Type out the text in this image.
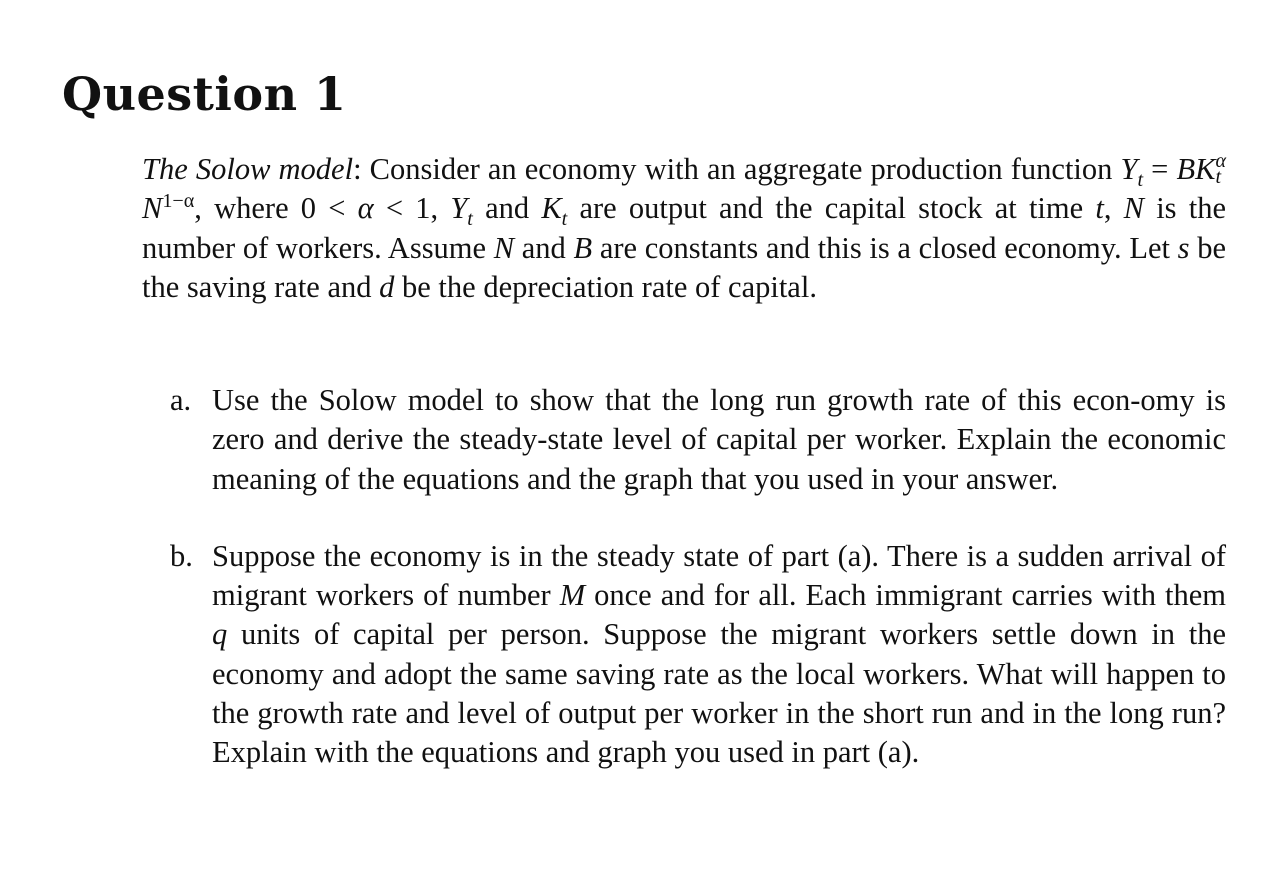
Question 1

The Solow model: Consider an economy with an aggregate production function $Y_t$ = BK α
t
$N^{1-\alpha}$, where 0 < α < 1, $Y_t$ and $K_t$ are output and the capital stock at time t, N is the number of workers. Assume N and B are constants and this is a closed economy. Let s be the saving rate and d be the depreciation rate of capital.

a. Use the Solow model to show that the long run growth rate of this econ-omy is zero and derive the steady-state level of capital per worker. Explain the economic meaning of the equations and the graph that you used in your answer.
b. Suppose the economy is in the steady state of part (a). There is a sudden arrival of migrant workers of number M once and for all. Each immigrant carries with them q units of capital per person. Suppose the migrant workers settle down in the economy and adopt the same saving rate as the local workers. What will happen to the growth rate and level of output per worker in the short run and in the long run? Explain with the equations and graph you used in part (a).
